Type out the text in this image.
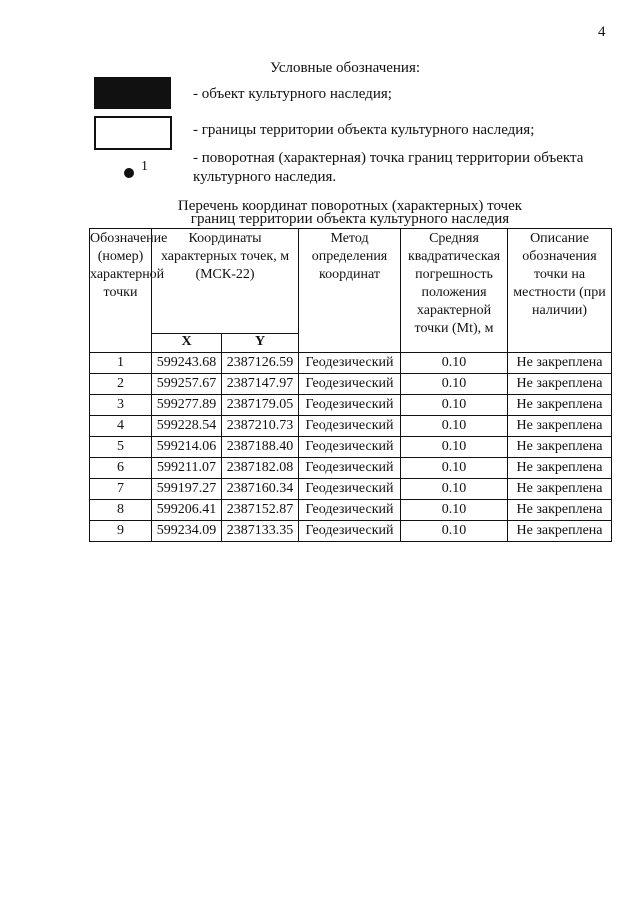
4
Условные обозначения:
- объект культурного наследия;
- границы территории объекта культурного наследия;
1
- поворотная (характерная) точка границ территории объекта культурного наследия.
Перечень координат поворотных (характерных) точек
границ территории объекта культурного наследия
Обозначение (номер) характерной точки	Координаты характерных точек, м (МСК-22)		Метод определения координат	Средняя квадратическая погрешность положения характерной точки (Mt), м	Описание обозначения точки на местности (при наличии)
	X	Y			
1	599243.68	2387126.59	Геодезический	0.10	Не закреплена
2	599257.67	2387147.97	Геодезический	0.10	Не закреплена
3	599277.89	2387179.05	Геодезический	0.10	Не закреплена
4	599228.54	2387210.73	Геодезический	0.10	Не закреплена
5	599214.06	2387188.40	Геодезический	0.10	Не закреплена
6	599211.07	2387182.08	Геодезический	0.10	Не закреплена
7	599197.27	2387160.34	Геодезический	0.10	Не закреплена
8	599206.41	2387152.87	Геодезический	0.10	Не закреплена
9	599234.09	2387133.35	Геодезический	0.10	Не закреплена
